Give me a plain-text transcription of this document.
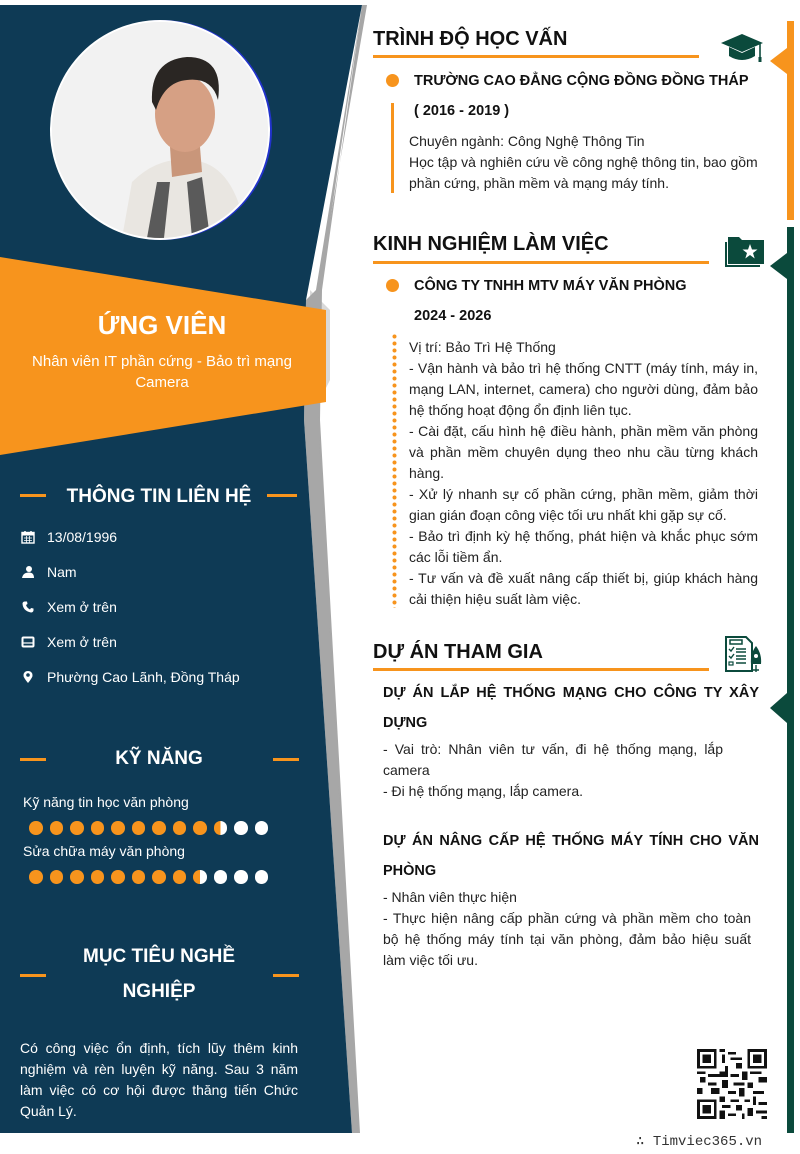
ỨNG VIÊN
Nhân viên IT phần cứng - Bảo trì mạng Camera
THÔNG TIN LIÊN HỆ
13/08/1996
Nam
Xem ở trên
Xem ở trên
Phường Cao Lãnh, Đồng Tháp
KỸ NĂNG
Kỹ năng tin học văn phòng
Sửa chữa máy văn phòng
MỤC TIÊU NGHỀ
NGHIỆP
Có công việc ổn định, tích lũy thêm kinh nghiệm và rèn luyện kỹ năng. Sau 3 năm làm việc có cơ hội được thăng tiến Chức Quản Lý.
TRÌNH ĐỘ HỌC VẤN
TRƯỜNG CAO ĐẲNG CỘNG ĐỒNG ĐỒNG THÁP
( 2016 - 2019 )
Chuyên ngành: Công Nghệ Thông Tin
Học tập và nghiên cứu về công nghệ thông tin, bao gồm phần cứng, phần mềm và mạng máy tính.
KINH NGHIỆM LÀM VIỆC
CÔNG TY TNHH MTV MÁY VĂN PHÒNG
2024 - 2026
Vị trí: Bảo Trì Hệ Thống
- Vận hành và bảo trì hệ thống CNTT (máy tính, máy in, mạng LAN, internet, camera) cho người dùng, đảm bảo hệ thống hoạt động ổn định liên tục.
- Cài đặt, cấu hình hệ điều hành, phần mềm văn phòng và phần mềm chuyên dụng theo nhu cầu từng khách hàng.
- Xử lý nhanh sự cố phần cứng, phần mềm, giảm thời gian gián đoạn công việc tối ưu nhất khi gặp sự cố.
- Bảo trì định kỳ hệ thống, phát hiện và khắc phục sớm các lỗi tiềm ẩn.
- Tư vấn và đề xuất nâng cấp thiết bị, giúp khách hàng cải thiện hiệu suất làm việc.
DỰ ÁN THAM GIA
DỰ ÁN LẮP HỆ THỐNG MẠNG CHO CÔNG TY XÂY
DỰNG
- Vai trò: Nhân viên tư vấn, đi hệ thống mạng, lắp camera
- Đi hệ thống mạng, lắp camera.
DỰ ÁN NÂNG CẤP HỆ THỐNG MÁY TÍNH CHO VĂN
PHÒNG
- Nhân viên thực hiện
- Thực hiện nâng cấp phần cứng và phần mềm cho toàn bộ hệ thống máy tính tại văn phòng, đảm bảo hiệu suất làm việc tối ưu.
∴ Timviec365.vn
